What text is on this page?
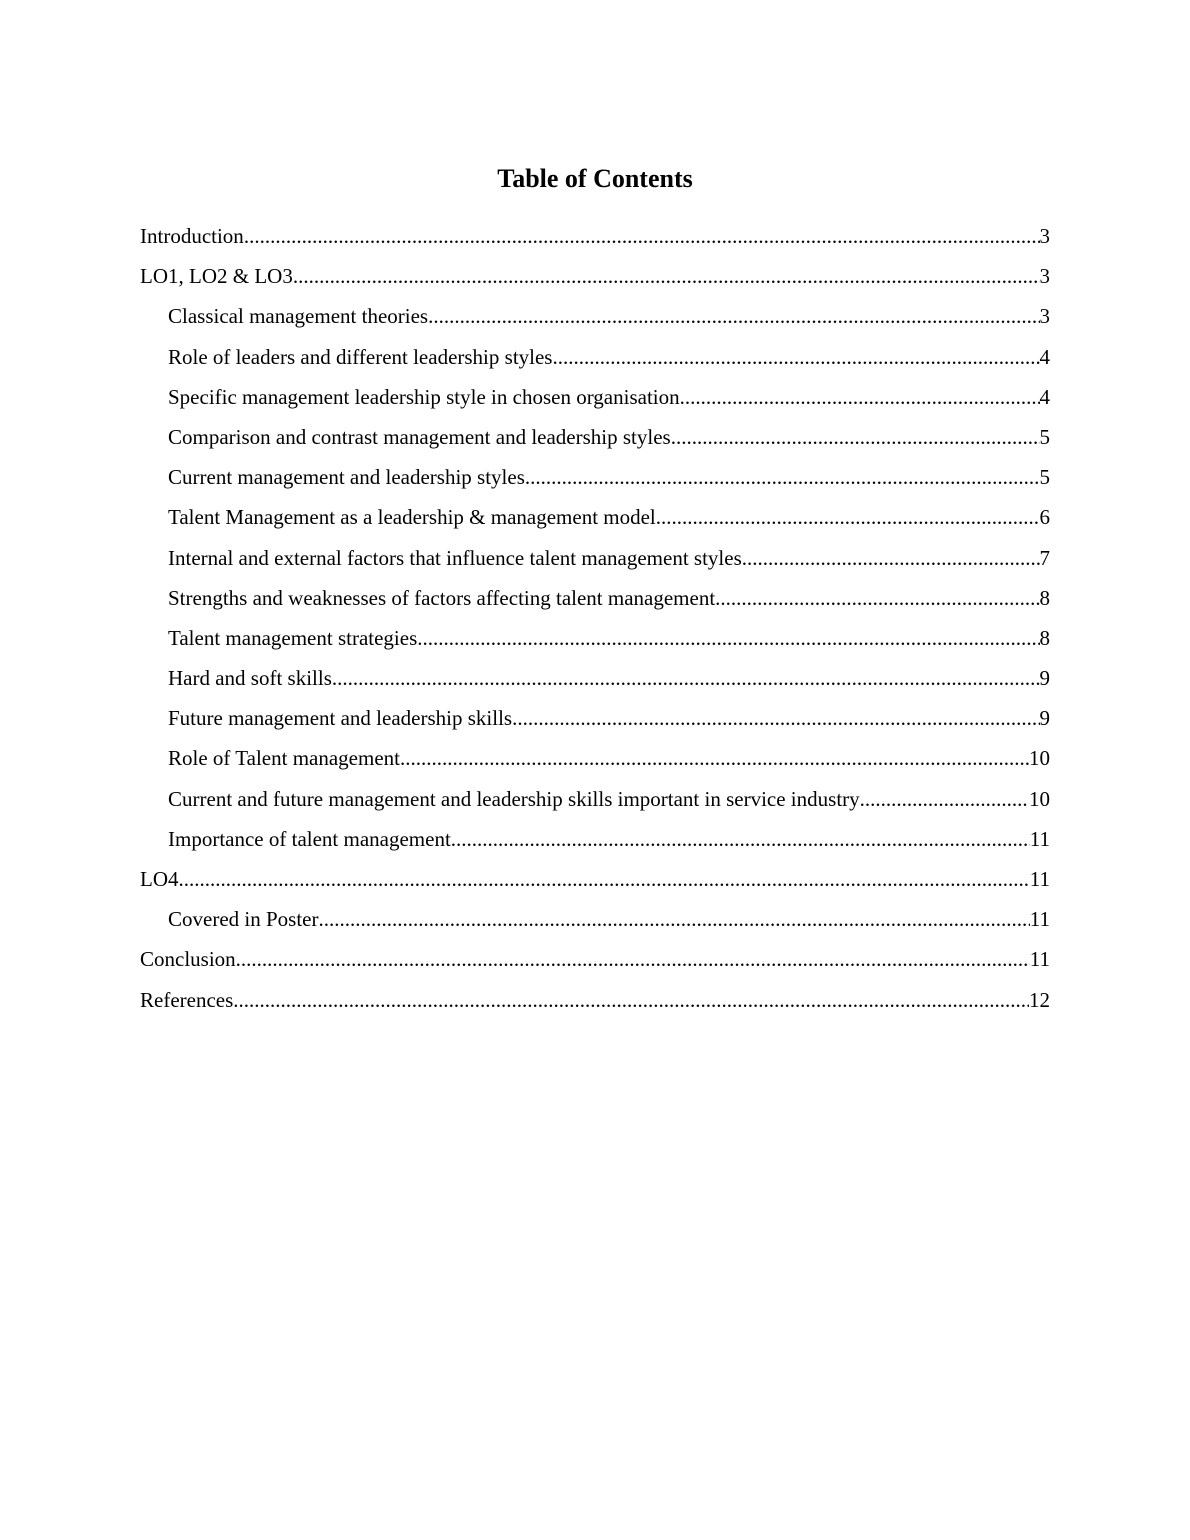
Table of Contents
Introduction .....	3
LO1, LO2 & LO3 .....	3
Classical management theories .....	3
Role of leaders and different leadership styles .....	4
Specific management leadership style in chosen organisation .....	4
Comparison and contrast management and leadership styles .....	5
Current management and leadership styles .....	5
Talent Management as a leadership & management model .....	6
Internal and external factors that influence talent management styles .....	7
Strengths and weaknesses of factors affecting talent management .....	8
Talent management strategies .....	8
Hard and soft skills .....	9
Future management and leadership skills .....	9
Role of Talent management .....	10
Current and future management and leadership skills important in service industry .....	10
Importance of talent management .....	11
LO4 .....	11
Covered in Poster .....	11
Conclusion .....	11
References .....	12
